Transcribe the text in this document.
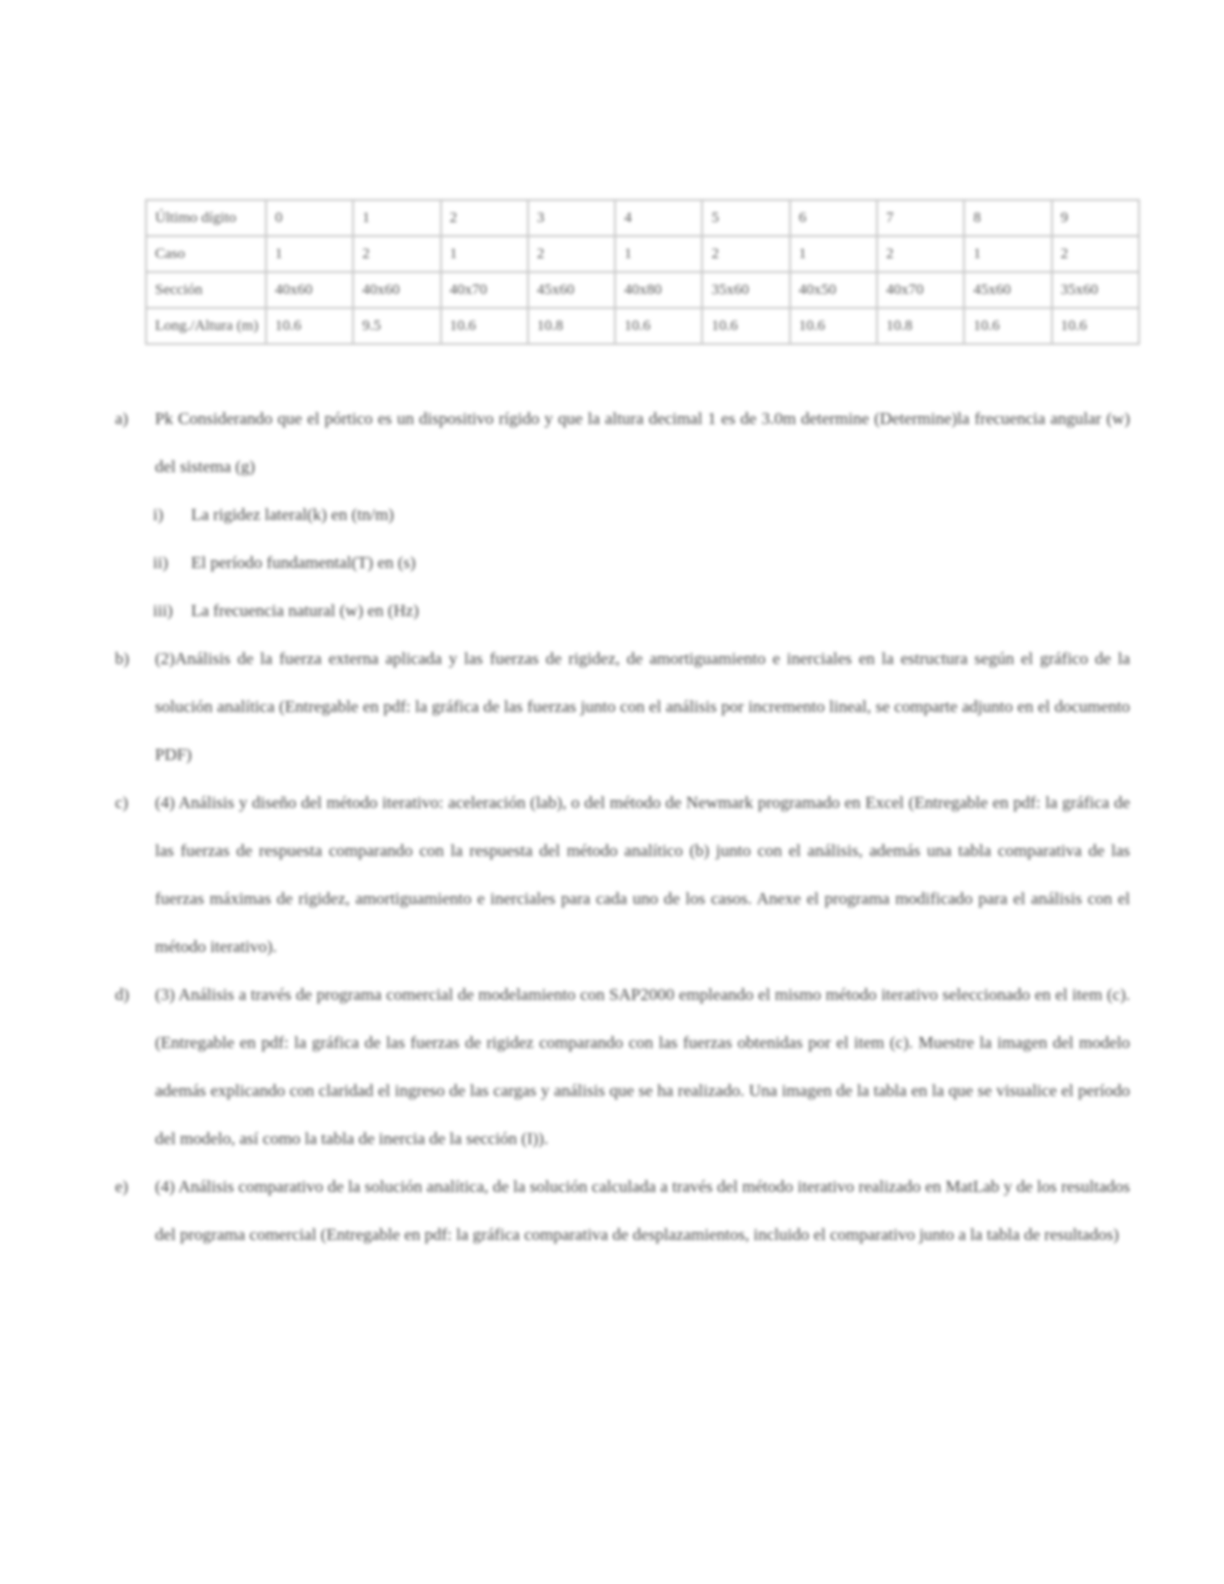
Último dígito	0	1	2	3	4	5	6	7	8	9
Caso	1	2	1	2	1	2	1	2	1	2
Sección	40x60	40x60	40x70	45x60	40x80	35x60	40x50	40x70	45x60	35x60
Long./Altura (m)	10.6	9.5	10.6	10.8	10.6	10.6	10.6	10.8	10.6	10.6
a) Pk Considerando que el pórtico es un dispositivo rígido y que la altura decimal 1 es de 3.0m determine (Determine)la frecuencia angular (w) del sistema (g)
i) La rigidez lateral(k) en (tn/m)
ii) El período fundamental(T) en (s)
iii) La frecuencia natural (w) en (Hz)
b) (2)Análisis de la fuerza externa aplicada y las fuerzas de rigidez, de amortiguamiento e inerciales en la estructura según el gráfico de la solución analítica (Entregable en pdf: la gráfica de las fuerzas junto con el análisis por incremento lineal, se comparte adjunto en el documento PDF)
c) (4) Análisis y diseño del método iterativo: aceleración (lab), o del método de Newmark programado en Excel (Entregable en pdf: la gráfica de las fuerzas de respuesta comparando con la respuesta del método analítico (b) junto con el análisis, además una tabla comparativa de las fuerzas máximas de rigidez, amortiguamiento e inerciales para cada uno de los casos. Anexe el programa modificado para el análisis con el método iterativo).
d) (3) Análisis a través de programa comercial de modelamiento con SAP2000 empleando el mismo método iterativo seleccionado en el item (c). (Entregable en pdf: la gráfica de las fuerzas de rigidez comparando con las fuerzas obtenidas por el item (c). Muestre la imagen del modelo además explicando con claridad el ingreso de las cargas y análisis que se ha realizado. Una imagen de la tabla en la que se visualice el período del modelo, así como la tabla de inercia de la sección (I)).
e) (4) Análisis comparativo de la solución analítica, de la solución calculada a través del método iterativo realizado en MatLab y de los resultados del programa comercial (Entregable en pdf: la gráfica comparativa de desplazamientos, incluido el comparativo junto a la tabla de resultados)
